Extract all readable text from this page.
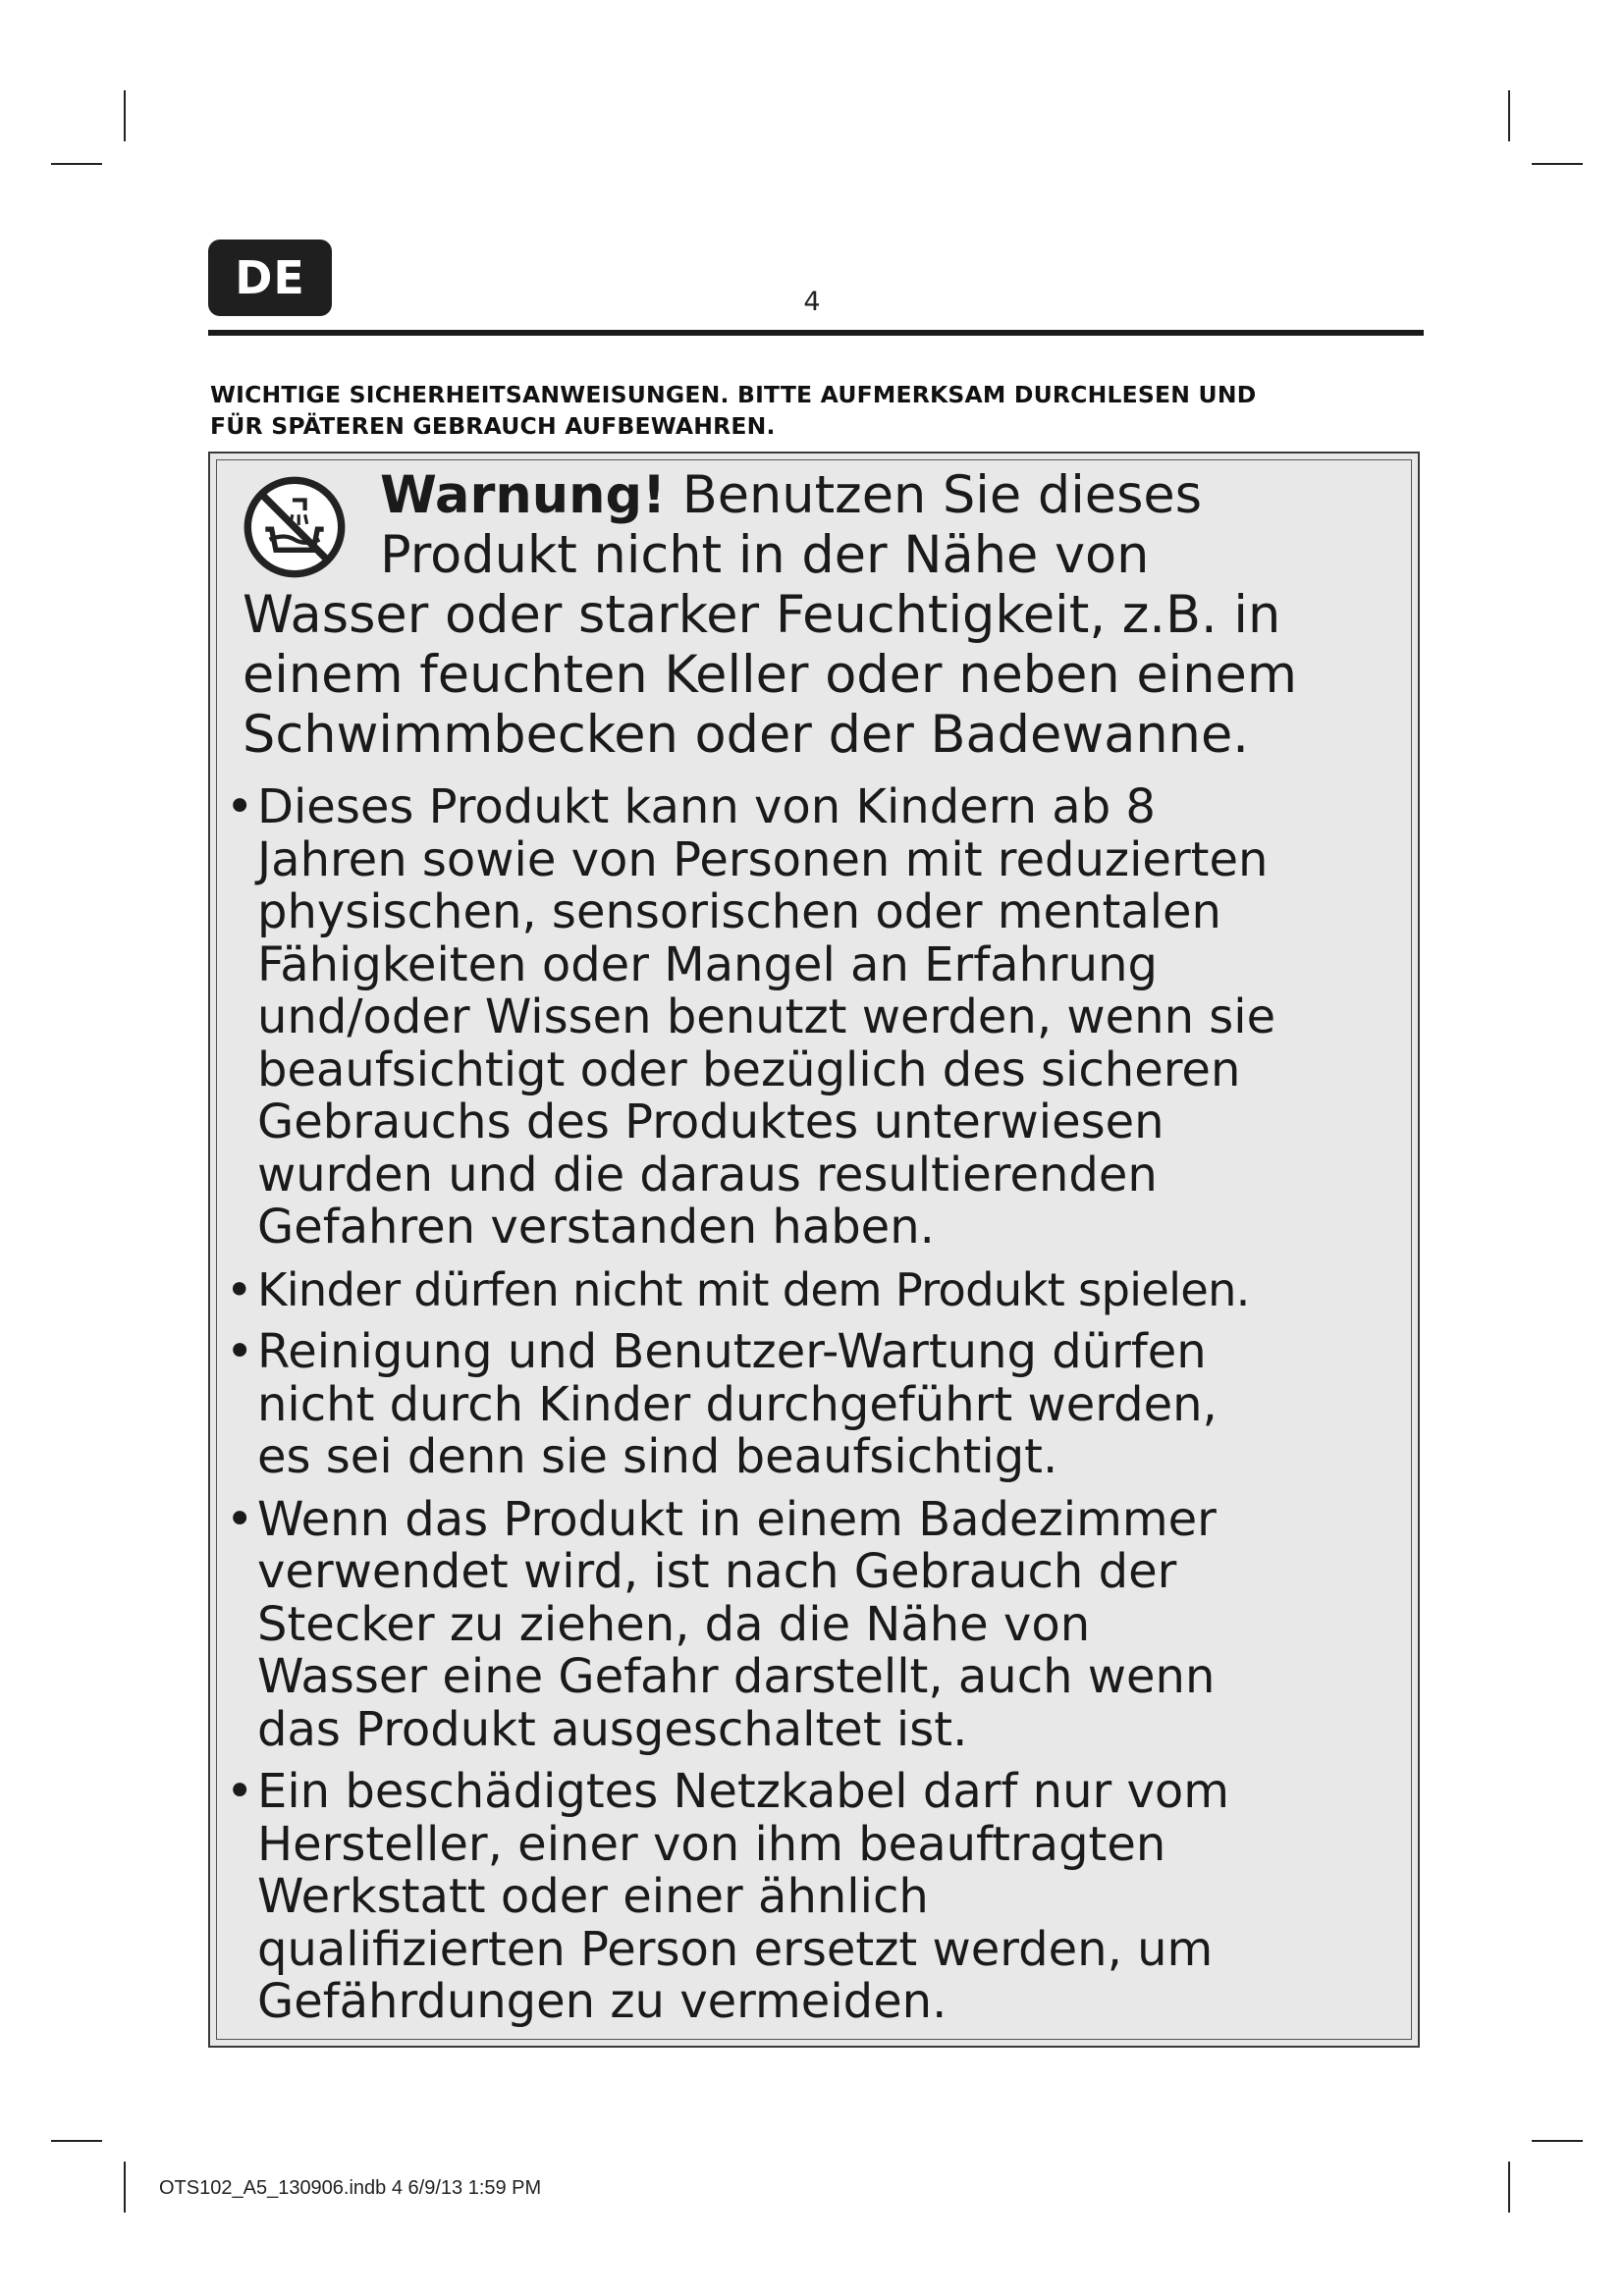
DE	4
WICHTIGE SICHERHEITSANWEISUNGEN. BITTE AUFMERKSAM DURCHLESEN UND
FÜR SPÄTEREN GEBRAUCH AUFBEWAHREN.
Warnung! Benutzen Sie dieses
Produkt nicht in der Nähe von
Wasser oder starker Feuchtigkeit, z.B. in
einem feuchten Keller oder neben einem
Schwimmbecken oder der Badewanne.
• Dieses Produkt kann von Kindern ab 8
Jahren sowie von Personen mit reduzierten
physischen, sensorischen oder mentalen
Fähigkeiten oder Mangel an Erfahrung
und/oder Wissen benutzt werden, wenn sie
beaufsichtigt oder bezüglich des sicheren
Gebrauchs des Produktes unterwiesen
wurden und die daraus resultierenden
Gefahren verstanden haben.
• Kinder dürfen nicht mit dem Produkt spielen.
• Reinigung und Benutzer-Wartung dürfen
nicht durch Kinder durchgeführt werden,
es sei denn sie sind beaufsichtigt.
• Wenn das Produkt in einem Badezimmer
verwendet wird, ist nach Gebrauch der
Stecker zu ziehen, da die Nähe von
Wasser eine Gefahr darstellt, auch wenn
das Produkt ausgeschaltet ist.
• Ein beschädigtes Netzkabel darf nur vom
Hersteller, einer von ihm beauftragten
Werkstatt oder einer ähnlich
qualifizierten Person ersetzt werden, um
Gefährdungen zu vermeiden.
OTS102_A5_130906.indb 4 6/9/13 1:59 PM
